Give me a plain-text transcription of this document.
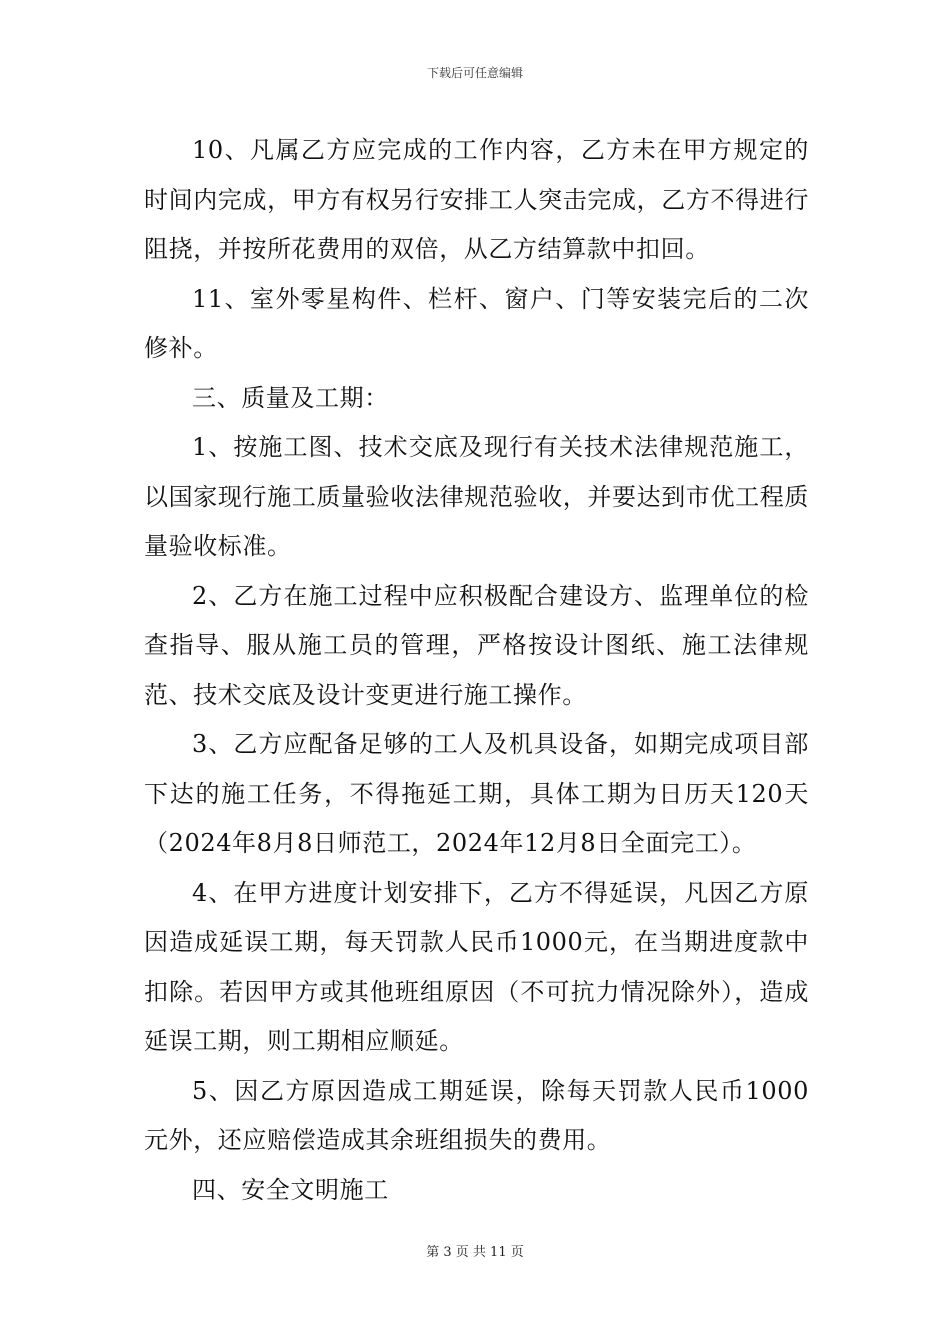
下载后可任意编辑

10、凡属乙方应完成的工作内容，乙方未在甲方规定的时间内完成，甲方有权另行安排工人突击完成，乙方不得进行阻挠，并按所花费用的双倍，从乙方结算款中扣回。

11、室外零星构件、栏杆、窗户、门等安装完后的二次修补。

三、质量及工期：

1、按施工图、技术交底及现行有关技术法律规范施工，以国家现行施工质量验收法律规范验收，并要达到市优工程质量验收标准。

2、乙方在施工过程中应积极配合建设方、监理单位的检查指导、服从施工员的管理，严格按设计图纸、施工法律规范、技术交底及设计变更进行施工操作。

3、乙方应配备足够的工人及机具设备，如期完成项目部下达的施工任务，不得拖延工期，具体工期为日历天120天（2024年8月8日师范工，2024年12月8日全面完工）。

4、在甲方进度计划安排下，乙方不得延误，凡因乙方原因造成延误工期，每天罚款人民币1000元，在当期进度款中扣除。若因甲方或其他班组原因（不可抗力情况除外），造成延误工期，则工期相应顺延。

5、因乙方原因造成工期延误，除每天罚款人民币1000元外，还应赔偿造成其余班组损失的费用。

四、安全文明施工

第 3 页 共 11 页
